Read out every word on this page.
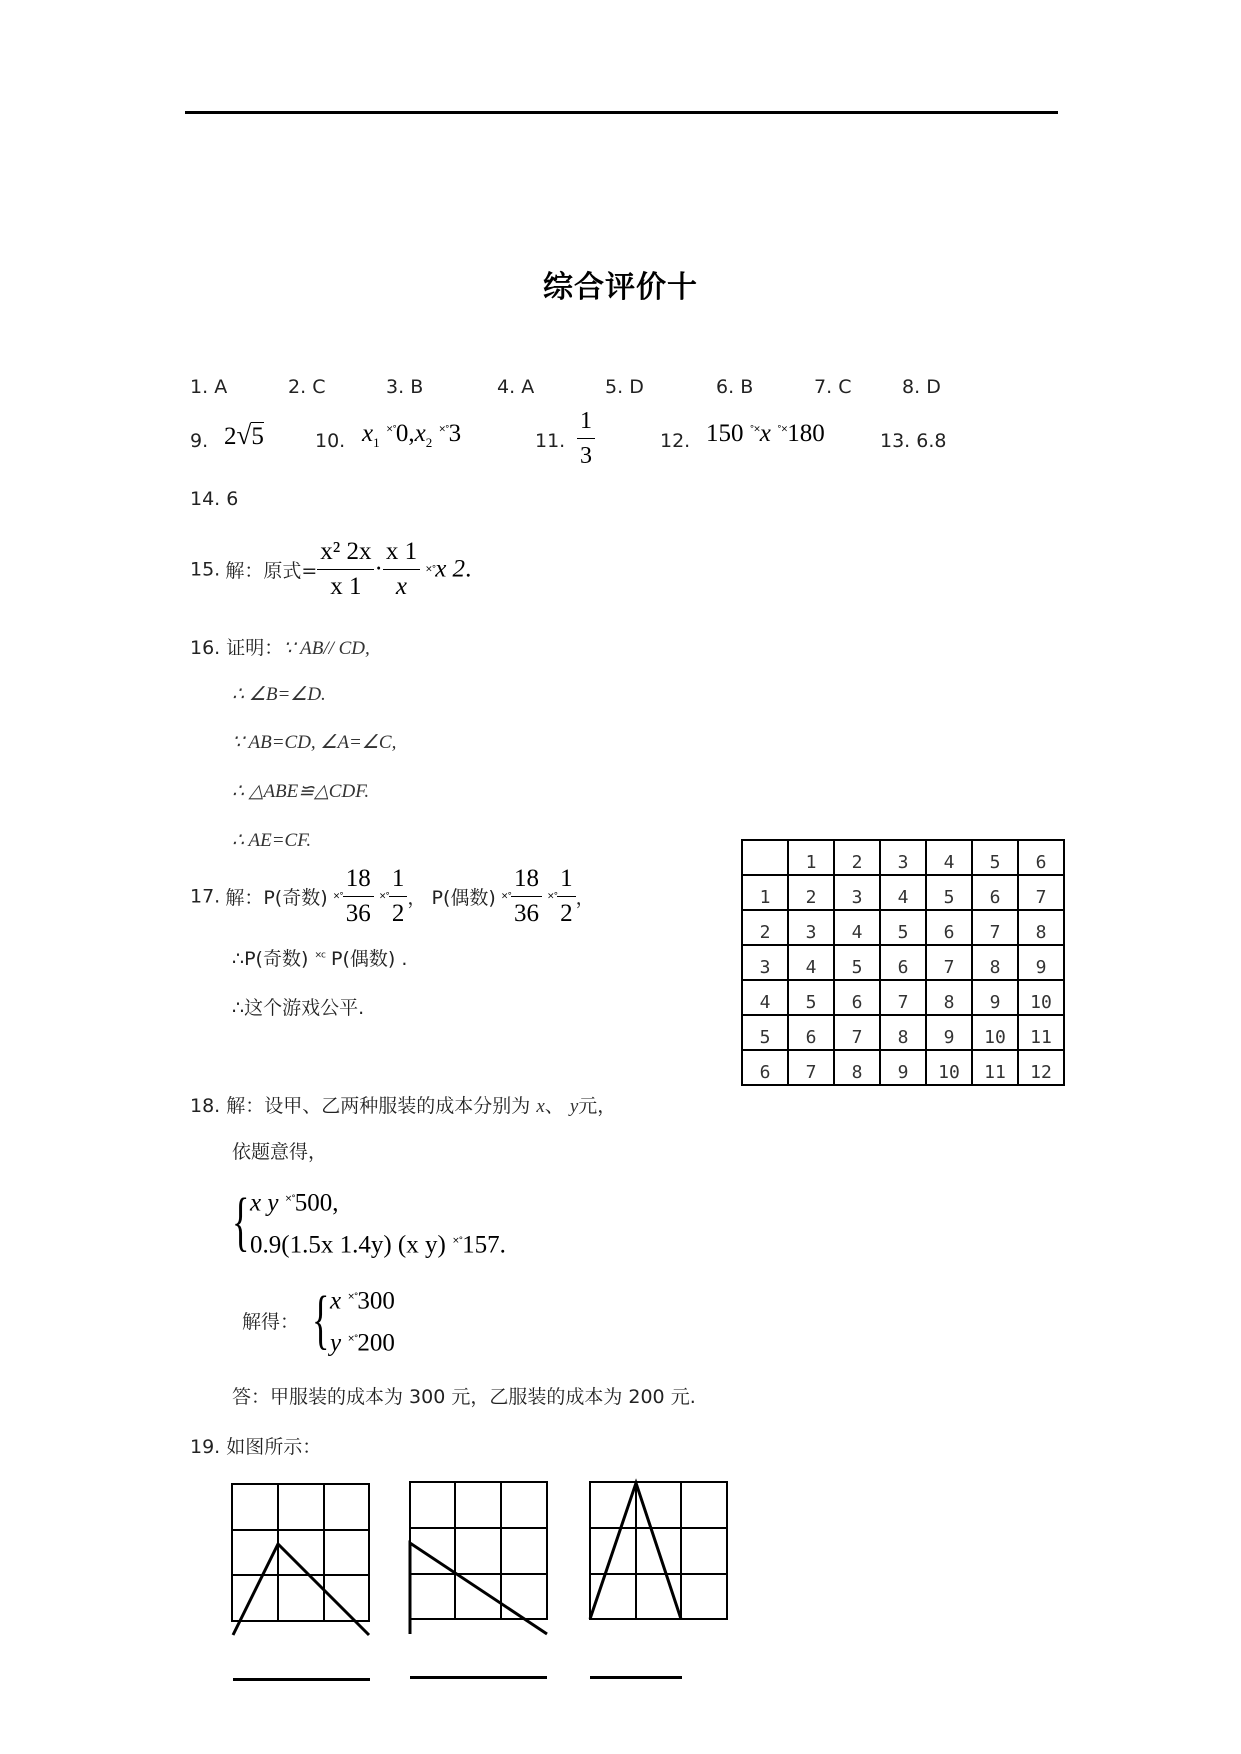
综合评价十
1. A	2. C	3. B	4. A	5. D	6. B	7. C	8. D
9. 2√5	10. $x_1$ $^{\times^\circ}0,x_2$ ×°3	11. $\frac{1}{3}$	12. 150 °×x °×180	13. 6.8
14. 6
15. 解：原式= $\frac{\text{x² 2x}}{x 1} \cdot \frac{x 1}{x} \times^\circ x$ 2.
16. 证明：∵ AB// CD,
∴ ∠B=∠D.
∵ AB=CD, ∠A=∠C,
∴ △ABE≌△CDF.
∴ AE=CF.
17. 解：P(奇数) ×° $\frac{18}{36}$ ×° $\frac{1}{2}$ ， P(偶数) ×° $\frac{18}{36}$ ×° $\frac{1}{2}$ ，
∴P(奇数) $^{\times c}$ P(偶数) .
∴这个游戏公平.
	1	2	3	4	5	6
1	2	3	4	5	6	7
2	3	4	5	6	7	8
3	4	5	6	7	8	9
4	5	6	7	8	9	10
5	6	7	8	9	10	11
6	7	8	9	10	11	12
18. 解：设甲、乙两种服装的成本分别为 x、 y元，
依题意得，
{ x y ×°500,
0.9(1.5x 1.4y) (x y) ×°157.
解得： { x ×°300
y ×°200
答：甲服装的成本为 300 元，乙服装的成本为 200 元.
19. 如图所示：
